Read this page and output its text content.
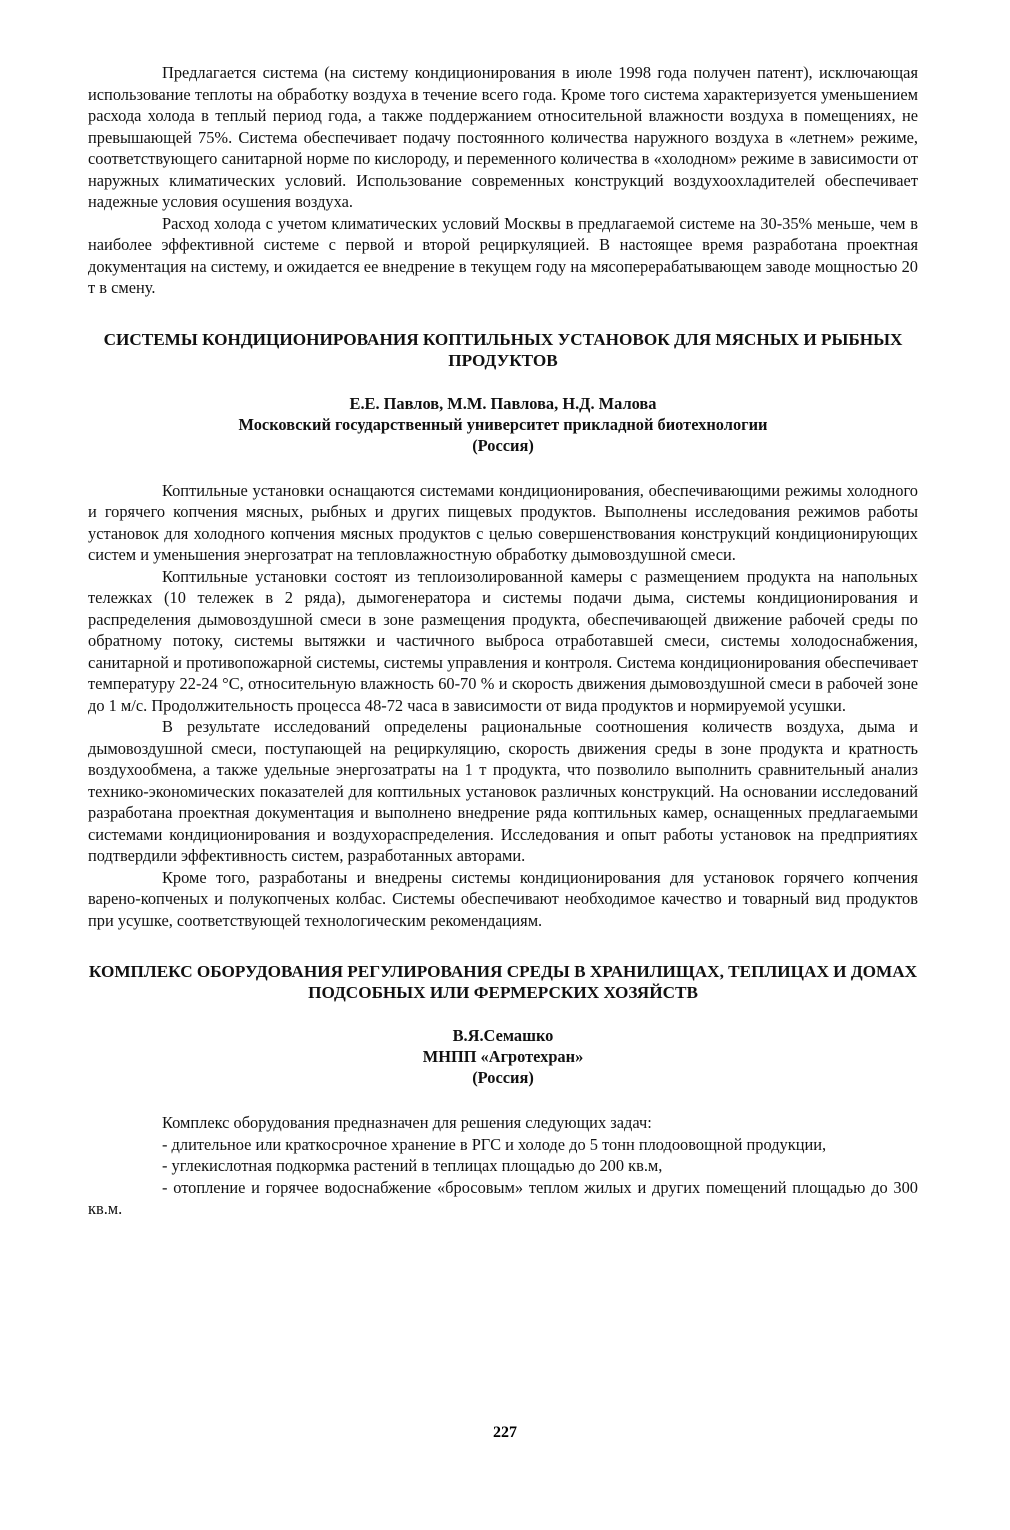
Предлагается система (на систему кондиционирования в июле 1998 года получен патент), исключающая использование теплоты на обработку воздуха в течение всего года. Кроме того система характеризуется уменьшением расхода холода в теплый период года, а также поддержанием относительной влажности воздуха в помещениях, не превышающей 75%. Система обеспечивает подачу постоянного количества наружного воздуха в «летнем» режиме, соответствующего санитарной норме по кислороду, и переменного количества в «холодном» режиме в зависимости от наружных климатических условий. Использование современных конструкций воздухоохладителей обеспечивает надежные условия осушения воздуха.

Расход холода с учетом климатических условий Москвы в предлагаемой системе на 30-35% меньше, чем в наиболее эффективной системе с первой и второй рециркуляцией. В настоящее время разработана проектная документация на систему, и ожидается ее внедрение в текущем году на мясоперерабатывающем заводе мощностью 20 т в смену.

СИСТЕМЫ КОНДИЦИОНИРОВАНИЯ КОПТИЛЬНЫХ УСТАНОВОК ДЛЯ МЯСНЫХ И РЫБНЫХ ПРОДУКТОВ
Е.Е. Павлов, М.М. Павлова, Н.Д. Малова
Московский государственный университет прикладной биотехнологии
(Россия)

Коптильные установки оснащаются системами кондиционирования, обеспечивающими режимы холодного и горячего копчения мясных, рыбных и других пищевых продуктов. Выполнены исследования режимов работы установок для холодного копчения мясных продуктов с целью совершенствования конструкций кондиционирующих систем и уменьшения энергозатрат на тепловлажностную обработку дымовоздушной смеси.

Коптильные установки состоят из теплоизолированной камеры с размещением продукта на напольных тележках (10 тележек в 2 ряда), дымогенератора и системы подачи дыма, системы кондиционирования и распределения дымовоздушной смеси в зоне размещения продукта, обеспечивающей движение рабочей среды по обратному потоку, системы вытяжки и частичного выброса отработавшей смеси, системы холодоснабжения, санитарной и противопожарной системы, системы управления и контроля. Система кондиционирования обеспечивает температуру 22-24 °С, относительную влажность 60-70 % и скорость движения дымовоздушной смеси в рабочей зоне до 1 м/с. Продолжительность процесса 48-72 часа в зависимости от вида продуктов и нормируемой усушки.

В результате исследований определены рациональные соотношения количеств воздуха, дыма и дымовоздушной смеси, поступающей на рециркуляцию, скорость движения среды в зоне продукта и кратность воздухообмена, а также удельные энергозатраты на 1 т продукта, что позволило выполнить сравнительный анализ технико-экономических показателей для коптильных установок различных конструкций. На основании исследований разработана проектная документация и выполнено внедрение ряда коптильных камер, оснащенных предлагаемыми системами кондиционирования и воздухораспределения. Исследования и опыт работы установок на предприятиях подтвердили эффективность систем, разработанных авторами.

Кроме того, разработаны и внедрены системы кондиционирования для установок горячего копчения варено-копченых и полукопченых колбас. Системы обеспечивают необходимое качество и товарный вид продуктов при усушке, соответствующей технологическим рекомендациям.

КОМПЛЕКС ОБОРУДОВАНИЯ РЕГУЛИРОВАНИЯ СРЕДЫ В ХРАНИЛИЩАХ, ТЕПЛИЦАХ И ДОМАХ ПОДСОБНЫХ ИЛИ ФЕРМЕРСКИХ ХОЗЯЙСТВ
В.Я.Семашко
МНПП «Агротехран»
(Россия)

Комплекс оборудования предназначен для решения следующих задач:

- длительное или краткосрочное хранение в РГС и холоде до 5 тонн плодоовощной продукции,

- углекислотная подкормка растений в теплицах площадью до 200 кв.м,

- отопление и горячее водоснабжение «бросовым» теплом жилых и других помещений площадью до 300 кв.м.

227
